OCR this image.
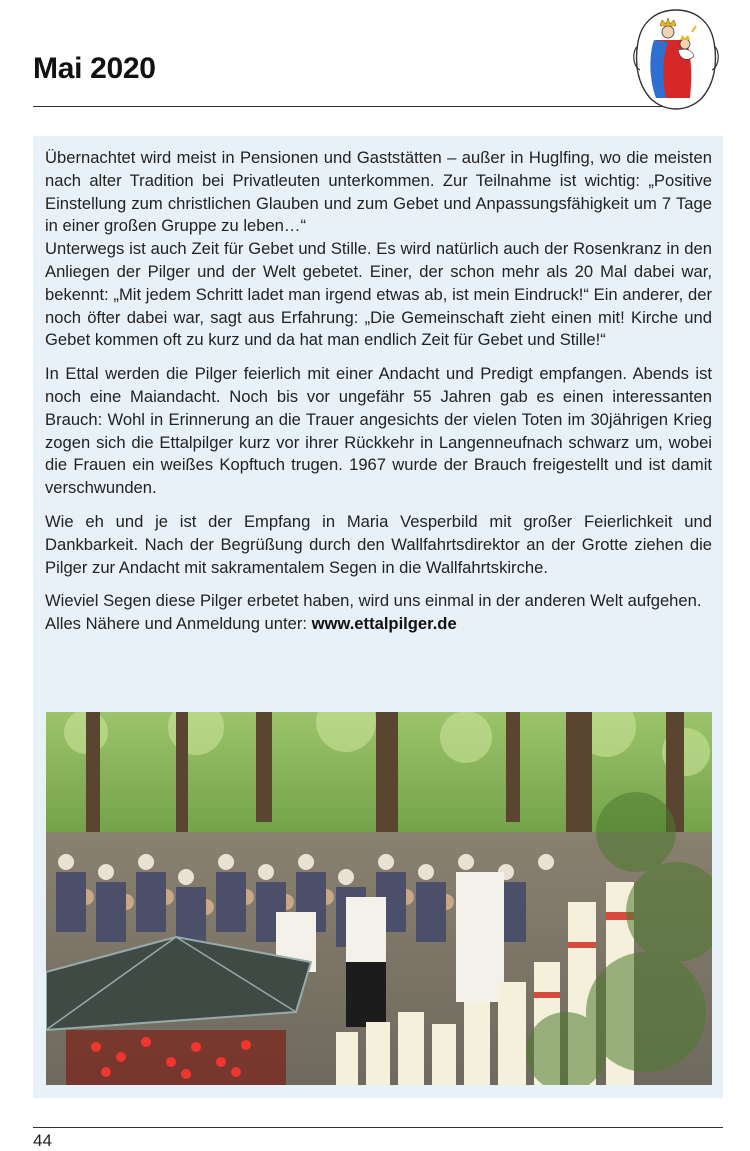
Mai 2020

Übernachtet wird meist in Pensionen und Gaststätten – außer in Huglfing, wo die meisten nach alter Tradition bei Privatleuten unterkommen. Zur Teilnahme ist wichtig: „Positive Einstellung zum christlichen Glauben und zum Gebet und Anpassungsfähigkeit um 7 Tage in einer großen Gruppe zu leben…“
Unterwegs ist auch Zeit für Gebet und Stille. Es wird natürlich auch der Rosenkranz in den Anliegen der Pilger und der Welt gebetet. Einer, der schon mehr als 20 Mal dabei war, bekennt: „Mit jedem Schritt ladet man irgend etwas ab, ist mein Eindruck!“ Ein anderer, der noch öfter dabei war, sagt aus Erfahrung: „Die Gemeinschaft zieht einen mit! Kirche und Gebet kommen oft zu kurz und da hat man endlich Zeit für Gebet und Stille!“

In Ettal werden die Pilger feierlich mit einer Andacht und Predigt empfangen. Abends ist noch eine Maiandacht. Noch bis vor ungefähr 55 Jahren gab es einen interessanten Brauch: Wohl in Erinnerung an die Trauer angesichts der vielen Toten im 30jährigen Krieg zogen sich die Ettalpilger kurz vor ihrer Rückkehr in Langenneufnach schwarz um, wobei die Frauen ein weißes Kopftuch trugen. 1967 wurde der Brauch freigestellt und ist damit verschwunden.

Wie eh und je ist der Empfang in Maria Vesperbild mit großer Feierlichkeit und Dankbarkeit. Nach der Begrüßung durch den Wallfahrtsdirektor an der Grotte ziehen die Pilger zur Andacht mit sakramentalem Segen in die Wallfahrtskirche.

Wieviel Segen diese Pilger erbetet haben, wird uns einmal in der anderen Welt aufgehen.
Alles Nähere und Anmeldung unter: www.ettalpilger.de

44
